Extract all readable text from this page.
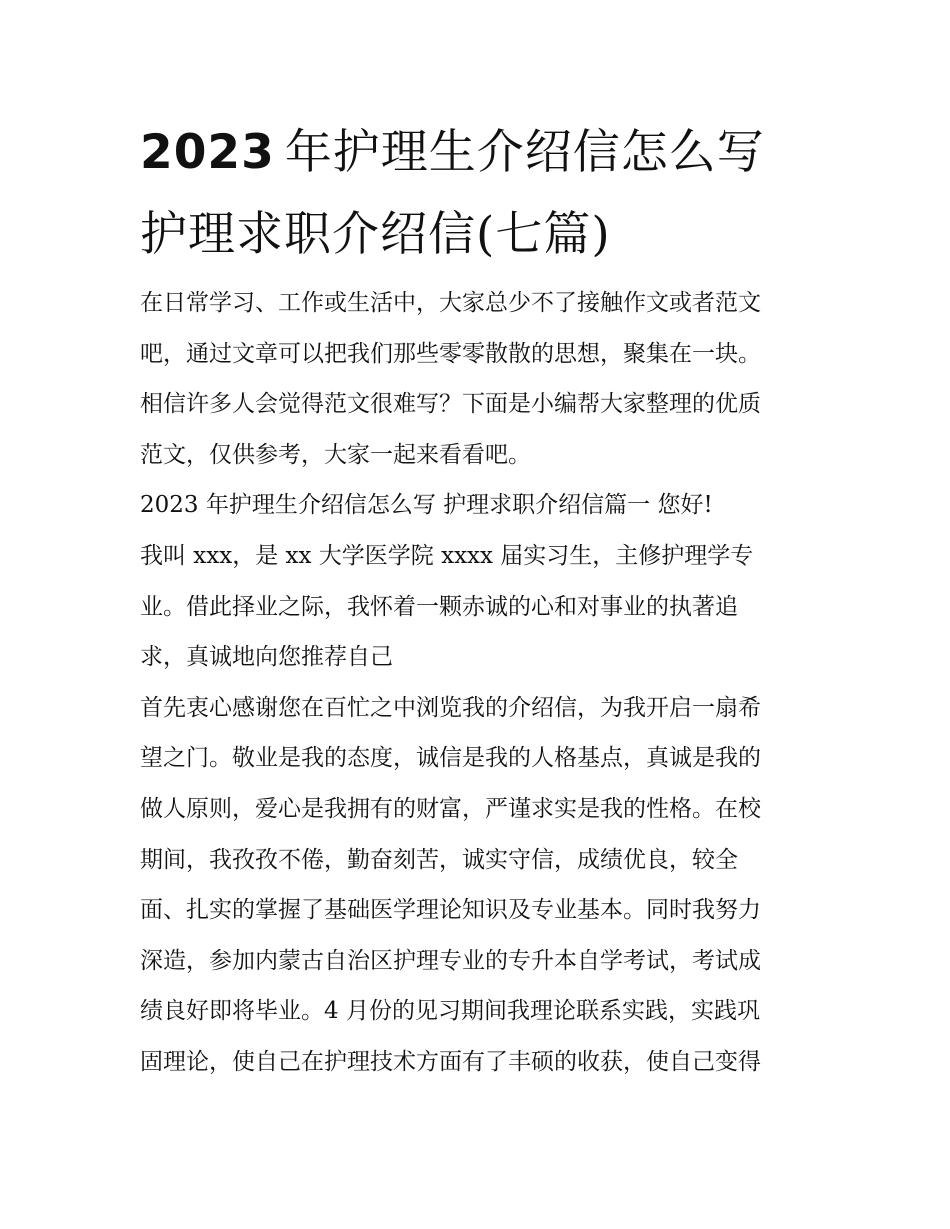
2023 年护理生介绍信怎么写
护理求职介绍信(七篇)
在日常学习、工作或生活中，大家总少不了接触作文或者范文
吧，通过文章可以把我们那些零零散散的思想，聚集在一块。
相信许多人会觉得范文很难写？下面是小编帮大家整理的优质
范文，仅供参考，大家一起来看看吧。
2023 年护理生介绍信怎么写 护理求职介绍信篇一 您好!
我叫 xxx，是 xx 大学医学院 xxxx 届实习生，主修护理学专
业。借此择业之际，我怀着一颗赤诚的心和对事业的执著追
求，真诚地向您推荐自己
首先衷心感谢您在百忙之中浏览我的介绍信，为我开启一扇希
望之门。敬业是我的态度，诚信是我的人格基点，真诚是我的
做人原则，爱心是我拥有的财富，严谨求实是我的性格。在校
期间，我孜孜不倦，勤奋刻苦，诚实守信，成绩优良，较全
面、扎实的掌握了基础医学理论知识及专业基本。同时我努力
深造，参加内蒙古自治区护理专业的专升本自学考试，考试成
绩良好即将毕业。4 月份的见习期间我理论联系实践，实践巩
固理论，使自己在护理技术方面有了丰硕的收获，使自己变得
